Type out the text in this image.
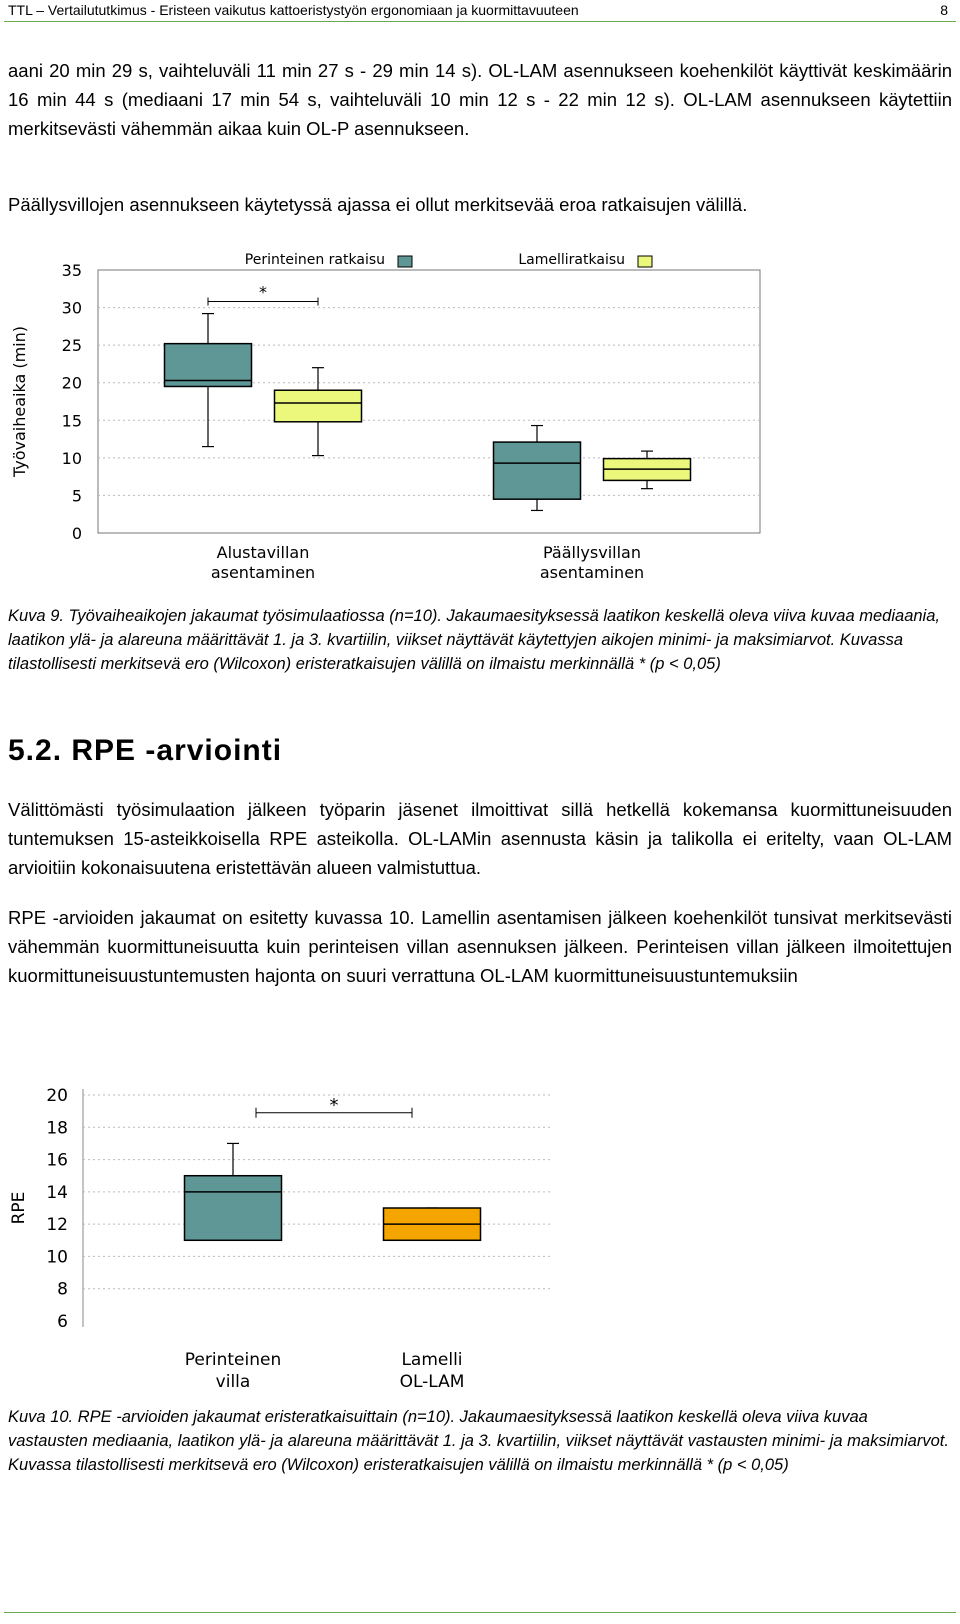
TTL – Vertailututkimus - Eristeen vaikutus kattoeristystyön ergonomiaan ja kuormittavuuteen	8
aani 20 min 29 s, vaihteluväli 11 min 27 s - 29 min 14 s). OL-LAM asennukseen koehenkilöt käyttivät keskimäärin 16 min 44 s (mediaani 17 min 54 s, vaihteluväli 10 min 12 s - 22 min 12 s). OL-LAM asennukseen käytettiin merkitsevästi vähemmän aikaa kuin OL-P asennukseen.
Päällysvillojen asennukseen käytetyssä ajassa ei ollut merkitsevää eroa ratkaisujen välillä.
0
5
10
15
20
25
30
35
Työvaiheaika (min)
Perinteinen ratkaisu	Lamelliratkaisu
Alustavillan
asentaminen
Päällysvillan
asentaminen
*
Kuva 9. Työvaiheaikojen jakaumat työsimulaatiossa (n=10). Jakaumaesityksessä laatikon keskellä oleva viiva kuvaa mediaania, laatikon ylä- ja alareuna määrittävät 1. ja 3. kvartiilin, viikset näyttävät käytettyjen aikojen minimi- ja maksimiarvot. Kuvassa tilastollisesti merkitsevä ero (Wilcoxon) eristeratkaisujen välillä on ilmaistu merkinnällä * (p < 0,05)
5.2. RPE -arviointi
Välittömästi työsimulaation jälkeen työparin jäsenet ilmoittivat sillä hetkellä kokemansa kuormittuneisuuden tuntemuksen 15-asteikkoisella RPE asteikolla. OL-LAMin asennusta käsin ja talikolla ei eritelty, vaan OL-LAM arvioitiin kokonaisuutena eristettävän alueen valmistuttua.
RPE -arvioiden jakaumat on esitetty kuvassa 10. Lamellin asentamisen jälkeen koehenkilöt tunsivat merkitsevästi vähemmän kuormittuneisuutta kuin perinteisen villan asennuksen jälkeen. Perinteisen villan jälkeen ilmoitettujen kuormittuneisuustuntemusten hajonta on suuri verrattuna OL-LAM kuormittuneisuustuntemuksiin
6
8
10
12
14
16
18
20
RPE
Perinteinen
villa
Lamelli
OL-LAM
*
Kuva 10. RPE -arvioiden jakaumat eristeratkaisuittain (n=10). Jakaumaesityksessä laatikon keskellä oleva viiva kuvaa vastausten mediaania, laatikon ylä- ja alareuna määrittävät 1. ja 3. kvartiilin, viikset näyttävät vastausten minimi- ja maksimiarvot. Kuvassa tilastollisesti merkitsevä ero (Wilcoxon) eristeratkaisujen välillä on ilmaistu merkinnällä * (p < 0,05)
